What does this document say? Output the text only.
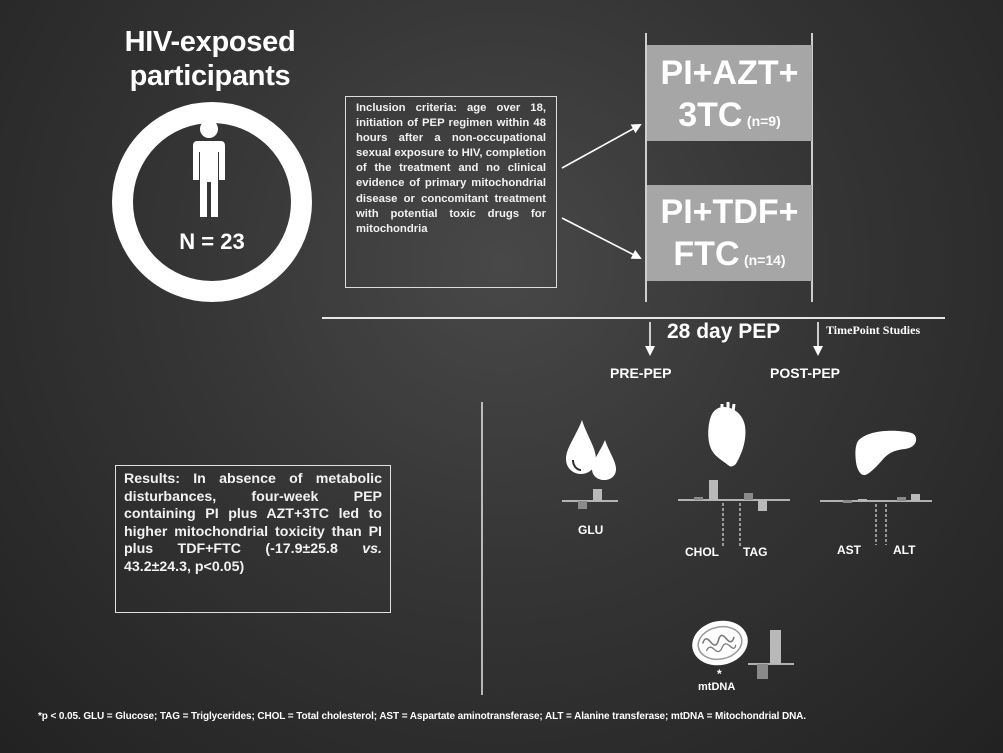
HIV-exposed participants
N = 23
Inclusion criteria: age over 18, initiation of PEP regimen within 48 hours after a non-occupational sexual exposure to HIV, completion of the treatment and no clinical evidence of primary mitochondrial disease or concomitant treatment with potential toxic drugs for mitochondria
PI+AZT+
3TC (n=9)
PI+TDF+
FTC (n=14)
28 day PEP	TimePoint Studies
PRE-PEP	POST-PEP
Results: In absence of metabolic disturbances, four-week PEP containing PI plus AZT+3TC led to higher mitochondrial toxicity than PI plus TDF+FTC (-17.9±25.8 vs. 43.2±24.3, p<0.05)
GLU
CHOL TAG	AST	ALT
*
mtDNA
*p < 0.05. GLU = Glucose; TAG = Triglycerides; CHOL = Total cholesterol; AST = Aspartate aminotransferase; ALT = Alanine transferase; mtDNA = Mitochondrial DNA.
